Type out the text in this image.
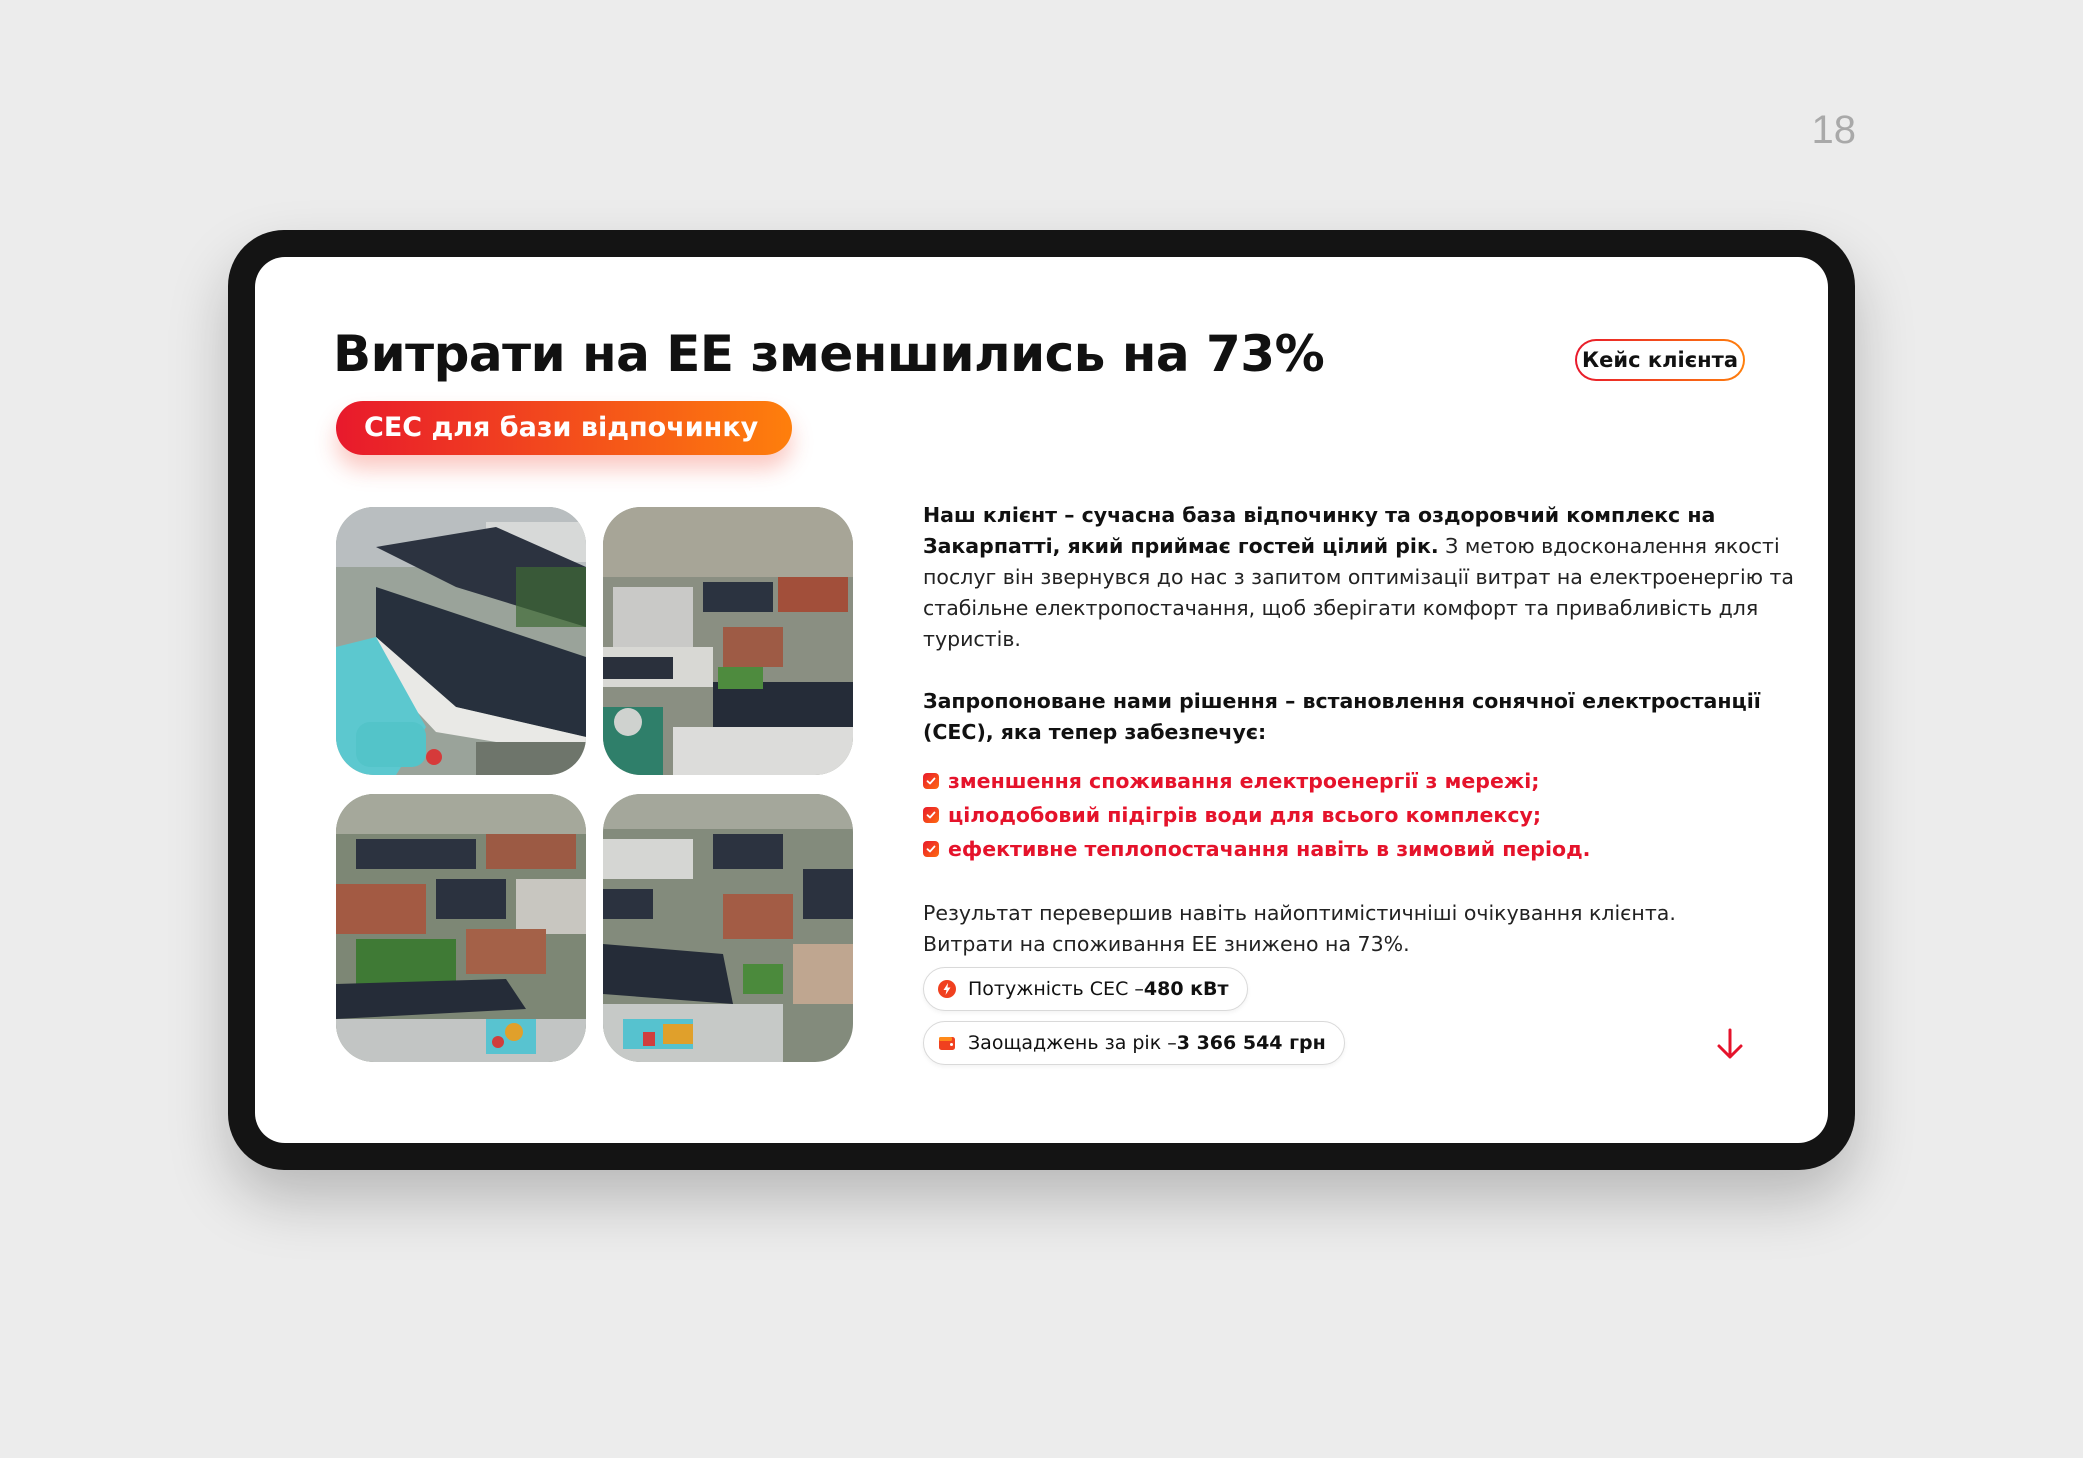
18
Витрати на ЕЕ зменшились на 73%
СЕС для бази відпочинку
Кейс клієнта

Наш клієнт – сучасна база відпочинку та оздоровчий комплекс на Закарпатті, який приймає гостей цілий рік. З метою вдосконалення якості послуг він звернувся до нас з запитом оптимізації витрат на електроенергію та стабільне електропостачання, щоб зберігати комфорт та привабливість для туристів.

Запропоноване нами рішення – встановлення сонячної електростанції (СЕС), яка тепер забезпечує:

зменшення споживання електроенергії з мережі;
цілодобовий підігрів води для всього комплексу;
ефективне теплопостачання навіть в зимовий період.

Результат перевершив навіть найоптимістичніші очікування клієнта.

Витрати на споживання ЕЕ знижено на 73%.

Потужність СЕС – 480 кВт
Заощаджень за рік – 3 366 544 грн
